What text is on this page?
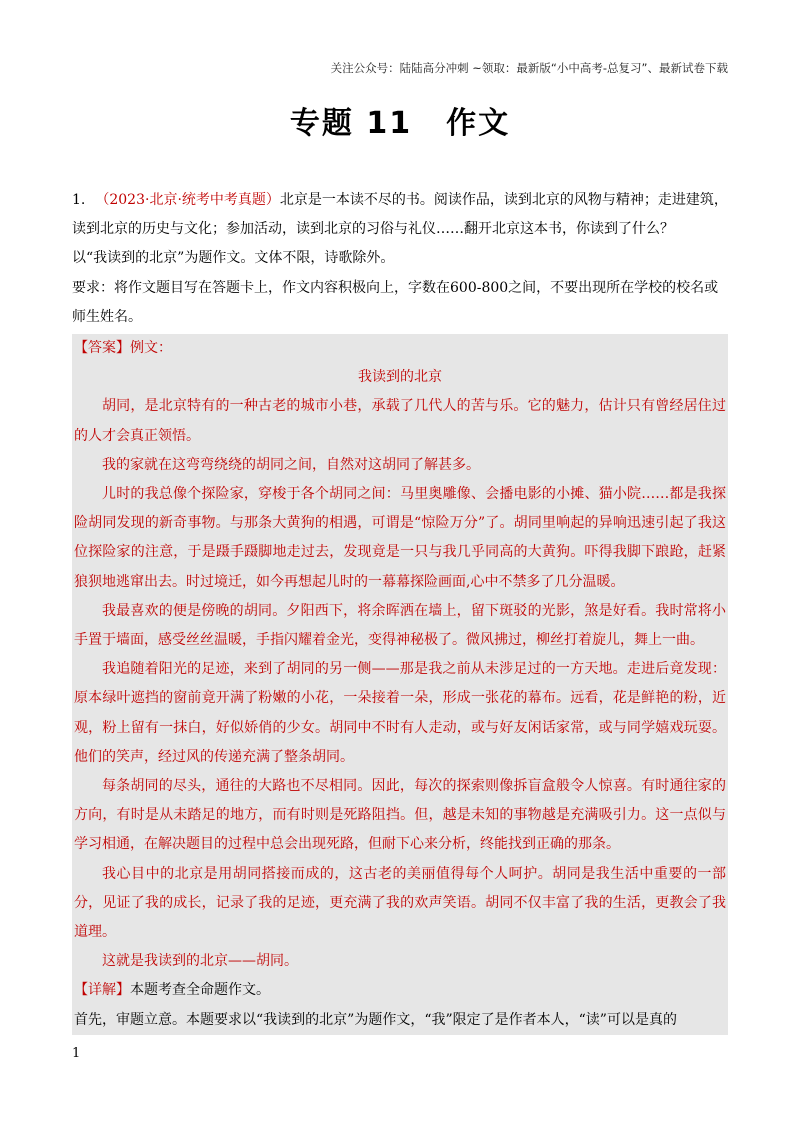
关注公众号：陆陆高分冲刺 ~领取：最新版“小中高考-总复习”、最新试卷下载
专题 11 作文
1. （2023·北京·统考中考真题）北京是一本读不尽的书。阅读作品，读到北京的风物与精神；走进建筑，读到北京的历史与文化；参加活动，读到北京的习俗与礼仪……翻开北京这本书，你读到了什么？
以“我读到的北京”为题作文。文体不限，诗歌除外。
要求：将作文题目写在答题卡上，作文内容积极向上，字数在600-800之间，不要出现所在学校的校名或师生姓名。
【答案】例文：
我读到的北京
胡同，是北京特有的一种古老的城市小巷，承载了几代人的苦与乐。它的魅力，估计只有曾经居住过的人才会真正领悟。
我的家就在这弯弯绕绕的胡同之间，自然对这胡同了解甚多。
儿时的我总像个探险家，穿梭于各个胡同之间：马里奥雕像、会播电影的小摊、猫小院……都是我探险胡同发现的新奇事物。与那条大黄狗的相遇，可谓是“惊险万分”了。胡同里响起的异响迅速引起了我这位探险家的注意，于是蹑手蹑脚地走过去，发现竟是一只与我几乎同高的大黄狗。吓得我脚下踉跄，赶紧狼狈地逃窜出去。时过境迁，如今再想起儿时的一幕幕探险画面,心中不禁多了几分温暖。
我最喜欢的便是傍晚的胡同。夕阳西下，将余晖洒在墙上，留下斑驳的光影，煞是好看。我时常将小手置于墙面，感受丝丝温暖，手指闪耀着金光，变得神秘极了。微风拂过，柳丝打着旋儿，舞上一曲。
我追随着阳光的足迹，来到了胡同的另一侧——那是我之前从未涉足过的一方天地。走进后竟发现：原本绿叶遮挡的窗前竟开满了粉嫩的小花，一朵接着一朵，形成一张花的幕布。远看，花是鲜艳的粉，近观，粉上留有一抹白，好似娇俏的少女。胡同中不时有人走动，或与好友闲话家常，或与同学嬉戏玩耍。他们的笑声，经过风的传递充满了整条胡同。
每条胡同的尽头，通往的大路也不尽相同。因此，每次的探索则像拆盲盒般令人惊喜。有时通往家的方向，有时是从未踏足的地方，而有时则是死路阻挡。但，越是未知的事物越是充满吸引力。这一点似与学习相通，在解决题目的过程中总会出现死路，但耐下心来分析，终能找到正确的那条。
我心目中的北京是用胡同搭接而成的，这古老的美丽值得每个人呵护。胡同是我生活中重要的一部分，见证了我的成长，记录了我的足迹，更充满了我的欢声笑语。胡同不仅丰富了我的生活，更教会了我道理。
这就是我读到的北京——胡同。
【详解】本题考查全命题作文。
首先，审题立意。本题要求以“我读到的北京”为题作文，“我”限定了是作者本人，“读”可以是真的
1
